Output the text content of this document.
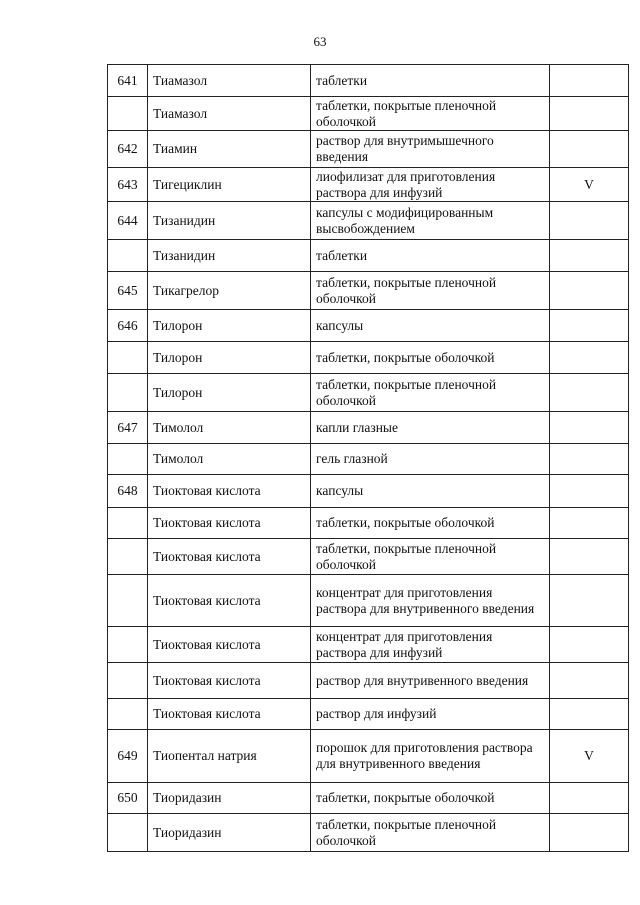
63
641	Тиамазол	таблетки	
	Тиамазол	таблетки, покрытые пленочной оболочкой	
642	Тиамин	раствор для внутримышечного введения	
643	Тигециклин	лиофилизат для приготовления раствора для инфузий	V
644	Тизанидин	капсулы с модифицированным высвобождением	
	Тизанидин	таблетки	
645	Тикагрелор	таблетки, покрытые пленочной оболочкой	
646	Тилорон	капсулы	
	Тилорон	таблетки, покрытые оболочкой	
	Тилорон	таблетки, покрытые пленочной оболочкой	
647	Тимолол	капли глазные	
	Тимолол	гель глазной	
648	Тиоктовая кислота	капсулы	
	Тиоктовая кислота	таблетки, покрытые оболочкой	
	Тиоктовая кислота	таблетки, покрытые пленочной оболочкой	
	Тиоктовая кислота	концентрат для приготовления раствора для внутривенного введения	
	Тиоктовая кислота	концентрат для приготовления раствора для инфузий	
	Тиоктовая кислота	раствор для внутривенного введения	
	Тиоктовая кислота	раствор для инфузий	
649	Тиопентал натрия	порошок для приготовления раствора для внутривенного введения	V
650	Тиоридазин	таблетки, покрытые оболочкой	
	Тиоридазин	таблетки, покрытые пленочной оболочкой	
